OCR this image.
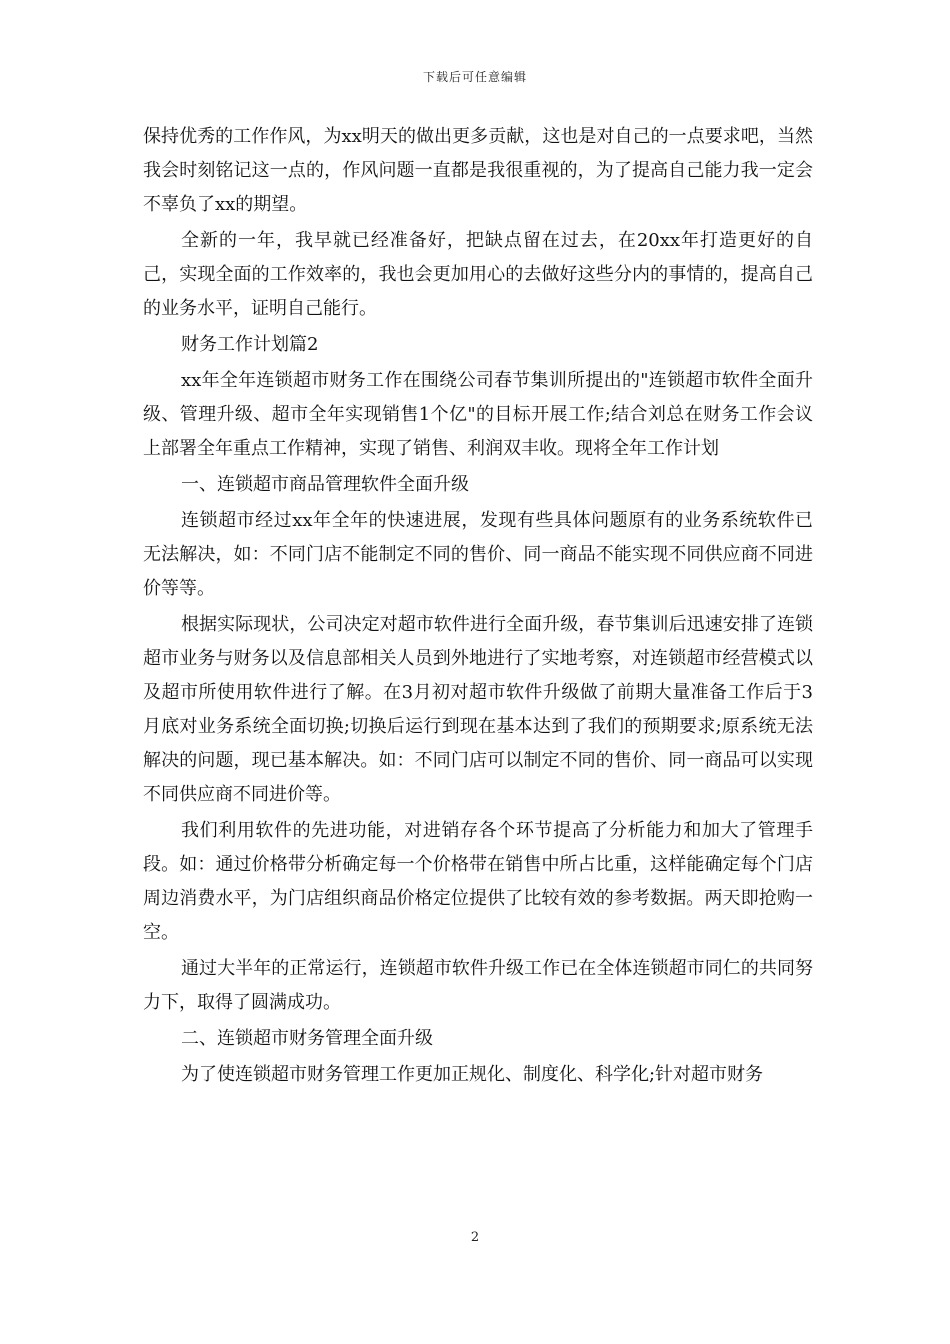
下载后可任意编辑

保持优秀的工作作风，为xx明天的做出更多贡献，这也是对自己的一点要求吧，当然我会时刻铭记这一点的，作风问题一直都是我很重视的，为了提高自己能力我一定会不辜负了xx的期望。

全新的一年，我早就已经准备好，把缺点留在过去，在20xx年打造更好的自己，实现全面的工作效率的，我也会更加用心的去做好这些分内的事情的，提高自己的业务水平，证明自己能行。

财务工作计划篇2

xx年全年连锁超市财务工作在围绕公司春节集训所提出的"连锁超市软件全面升级、管理升级、超市全年实现销售1个亿"的目标开展工作;结合刘总在财务工作会议上部署全年重点工作精神，实现了销售、利润双丰收。现将全年工作计划

一、连锁超市商品管理软件全面升级

连锁超市经过xx年全年的快速进展，发现有些具体问题原有的业务系统软件已无法解决，如：不同门店不能制定不同的售价、同一商品不能实现不同供应商不同进价等等。

根据实际现状，公司决定对超市软件进行全面升级，春节集训后迅速安排了连锁超市业务与财务以及信息部相关人员到外地进行了实地考察，对连锁超市经营模式以及超市所使用软件进行了解。在3月初对超市软件升级做了前期大量准备工作后于3月底对业务系统全面切换;切换后运行到现在基本达到了我们的预期要求;原系统无法解决的问题，现已基本解决。如：不同门店可以制定不同的售价、同一商品可以实现不同供应商不同进价等。

我们利用软件的先进功能，对进销存各个环节提高了分析能力和加大了管理手段。如：通过价格带分析确定每一个价格带在销售中所占比重，这样能确定每个门店周边消费水平，为门店组织商品价格定位提供了比较有效的参考数据。两天即抢购一空。

通过大半年的正常运行，连锁超市软件升级工作已在全体连锁超市同仁的共同努力下，取得了圆满成功。

二、连锁超市财务管理全面升级

为了使连锁超市财务管理工作更加正规化、制度化、科学化;针对超市财务

2
